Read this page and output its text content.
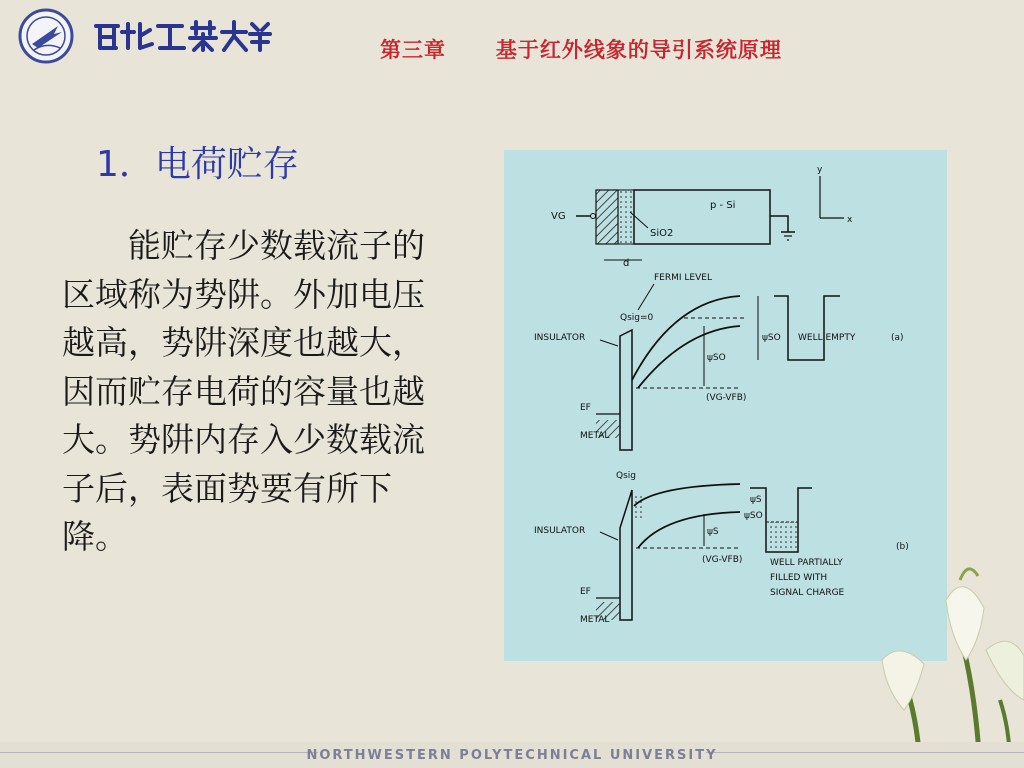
第三章      基于红外线象的导引系统原理
1．电荷贮存
能贮存少数载流子的区域称为势阱。外加电压越高，势阱深度也越大，因而贮存电荷的容量也越大。势阱内存入少数载流子后，表面势要有所下降。
VG
p - Si
SiO2
d
y
x
FERMI LEVEL
Qsig=0
INSULATOR
ψSO
(VG-VFB)
ψSO WELL EMPTY	(a)
EF
METAL
Qsig
INSULATOR	ψS
(VG-VFB)
ψS
ψSO
WELL PARTIALLY
FILLED WITH
SIGNAL CHARGE
(b)
EF
METAL
NORTHWESTERN POLYTECHNICAL UNIVERSITY
